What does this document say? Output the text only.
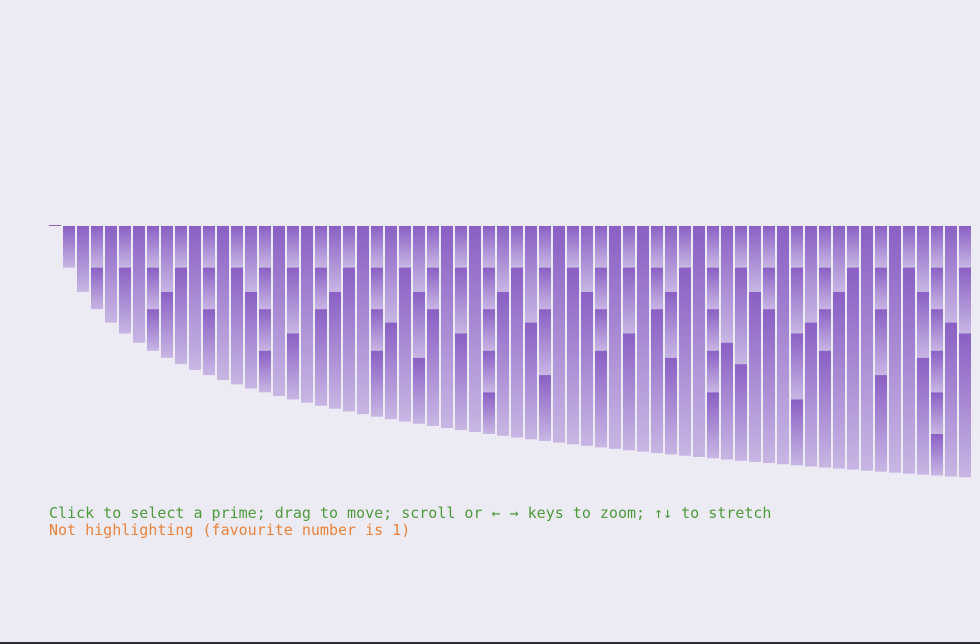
Click to select a prime; drag to move; scroll or ← → keys to zoom; ↑↓ to stretch
Not highlighting (favourite number is 1)
